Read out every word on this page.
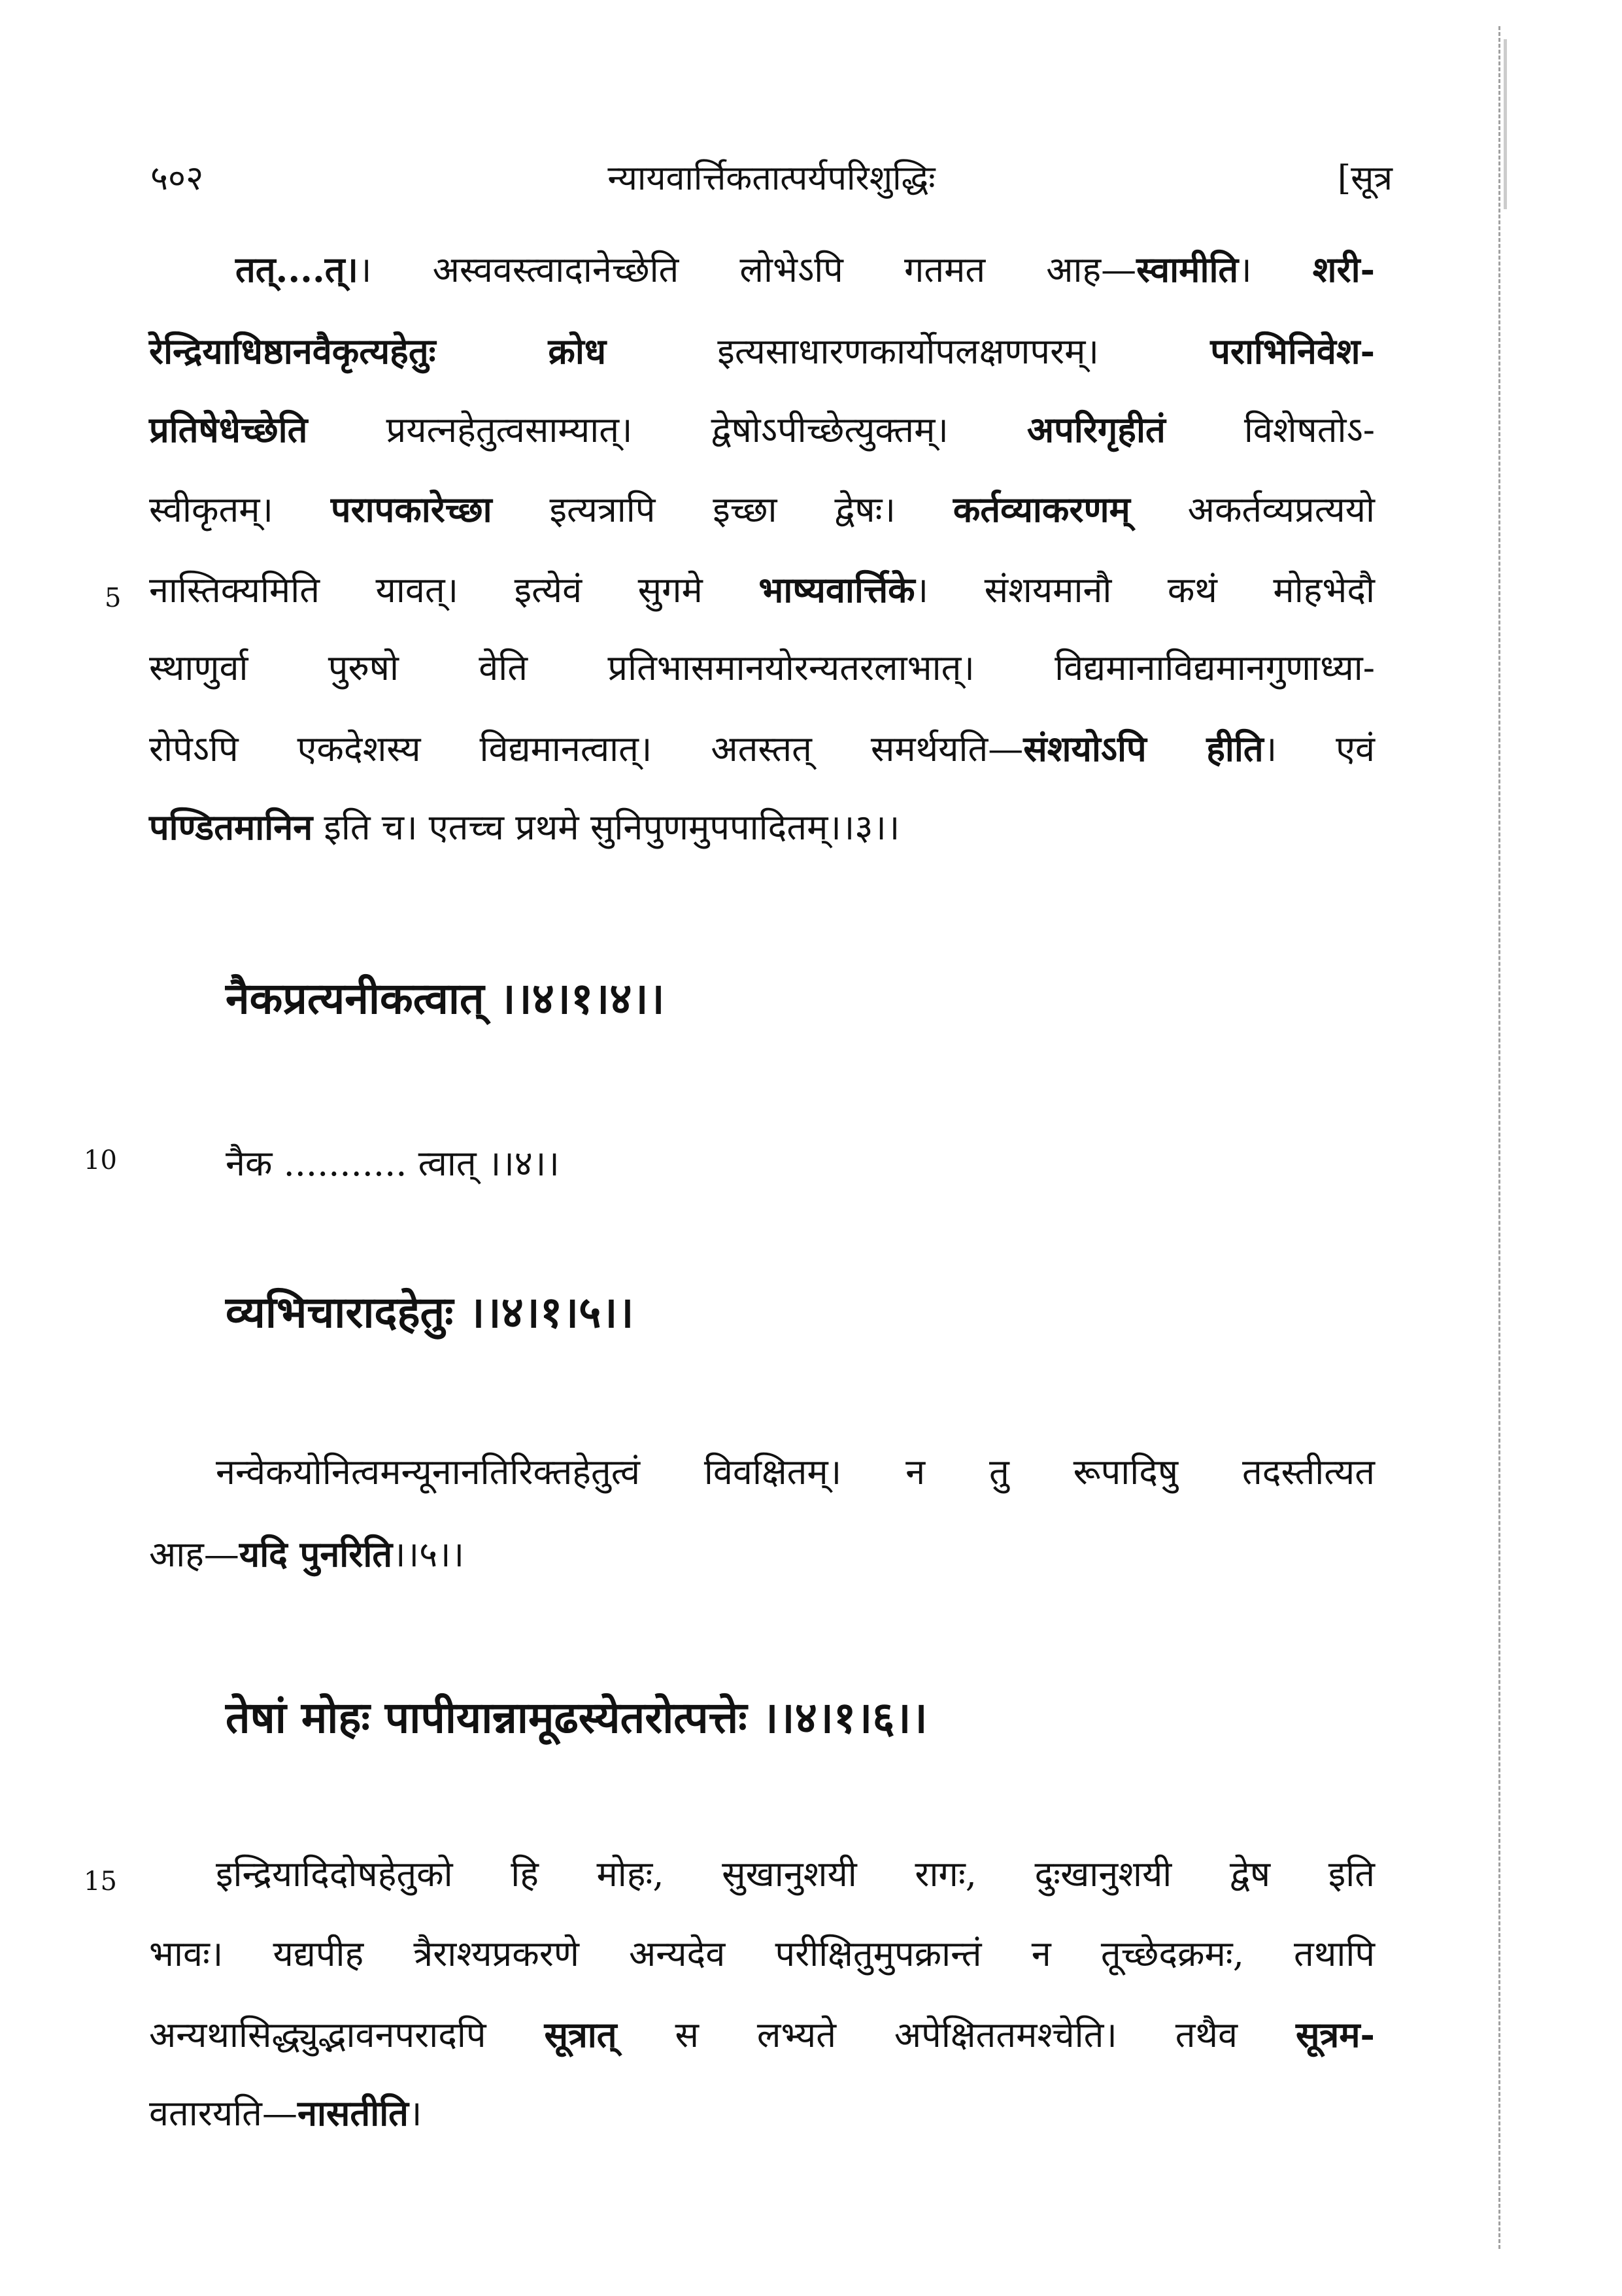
५०२	न्यायवार्त्तिकतात्पर्यपरिशुद्धिः	[सूत्र
तत्....त्।। अस्ववस्त्वादानेच्छेति लोभेऽपि गतमत आह—स्वामीति। शरी-
रेन्द्रियाधिष्ठानवैकृत्यहेतुः क्रोध इत्यसाधारणकार्योपलक्षणपरम्। पराभिनिवेश-
प्रतिषेधेच्छेति प्रयत्नहेतुत्वसाम्यात्। द्वेषोऽपीच्छेत्युक्तम्। अपरिगृहीतं विशेषतोऽ-
स्वीकृतम्। परापकारेच्छा इत्यत्रापि इच्छा द्वेषः। कर्तव्याकरणम् अकर्तव्यप्रत्ययो
नास्तिक्यमिति यावत्। इत्येवं सुगमे भाष्यवार्त्तिके। संशयमानौ कथं मोहभेदौ
स्थाणुर्वा पुरुषो वेति प्रतिभासमानयोरन्यतरलाभात्। विद्यमानाविद्यमानगुणाध्या-
रोपेऽपि एकदेशस्य विद्यमानत्वात्। अतस्तत् समर्थयति—संशयोऽपि हीति। एवं
पण्डितमानिन इति च। एतच्च प्रथमे सुनिपुणमुपपादितम्।।३।।
5
नैकप्रत्यनीकत्वात् ।।४।१।४।।
10	नैक ........... त्वात् ।।४।।
व्यभिचारादहेतुः ।।४।१।५।।
नन्वेकयोनित्वमन्यूनानतिरिक्तहेतुत्वं विवक्षितम्। न तु रूपादिषु तदस्तीत्यत
आह—यदि पुनरिति।।५।।
तेषां मोहः पापीयान्नामूढस्येतरोत्पत्तेः ।।४।१।६।।
15	इन्द्रियादिदोषहेतुको हि मोहः, सुखानुशयी रागः, दुःखानुशयी द्वेष इति
भावः। यद्यपीह त्रैराश्यप्रकरणे अन्यदेव परीक्षितुमुपक्रान्तं न तूच्छेदक्रमः, तथापि
अन्यथासिद्ध्युद्भावनपरादपि सूत्रात् स लभ्यते अपेक्षिततमश्चेति। तथैव सूत्रम-
वतारयति—नासतीति।
